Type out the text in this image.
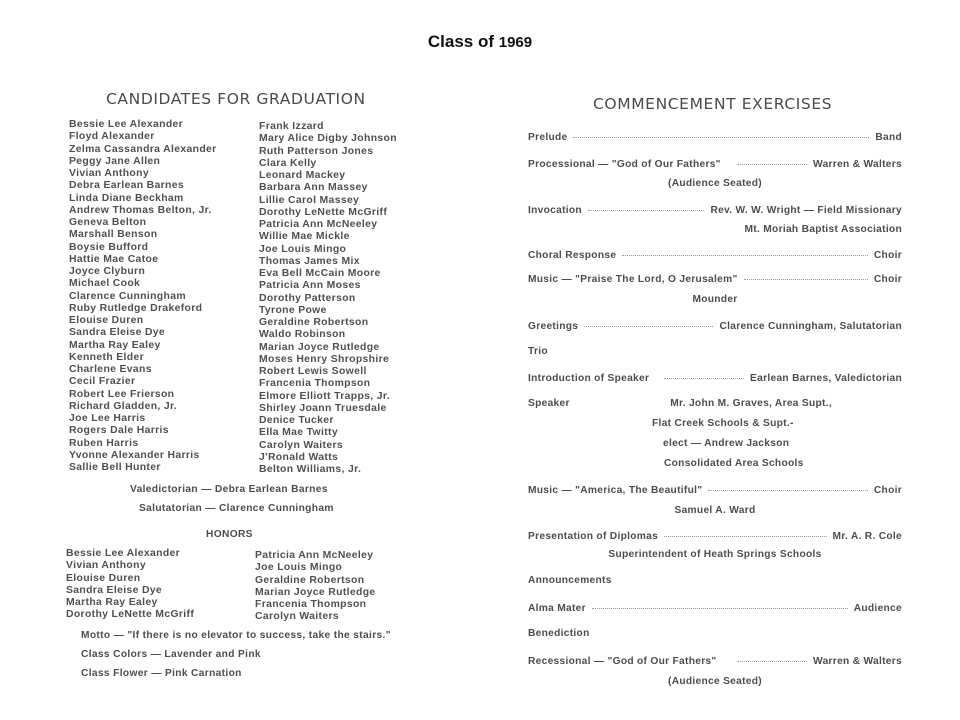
Class of 1969
CANDIDATES FOR GRADUATION
Bessie Lee Alexander
Floyd Alexander
Zelma Cassandra Alexander
Peggy Jane Allen
Vivian Anthony
Debra Earlean Barnes
Linda Diane Beckham
Andrew Thomas Belton, Jr.
Geneva Belton
Marshall Benson
Boysie Bufford
Hattie Mae Catoe
Joyce Clyburn
Michael Cook
Clarence Cunningham
Ruby Rutledge Drakeford
Elouise Duren
Sandra Eleise Dye
Martha Ray Ealey
Kenneth Elder
Charlene Evans
Cecil Frazier
Robert Lee Frierson
Richard Gladden, Jr.
Joe Lee Harris
Rogers Dale Harris
Ruben Harris
Yvonne Alexander Harris
Sallie Bell Hunter
Frank Izzard
Mary Alice Digby Johnson
Ruth Patterson Jones
Clara Kelly
Leonard Mackey
Barbara Ann Massey
Lillie Carol Massey
Dorothy LeNette McGriff
Patricia Ann McNeeley
Willie Mae Mickle
Joe Louis Mingo
Thomas James Mix
Eva Bell McCain Moore
Patricia Ann Moses
Dorothy Patterson
Tyrone Powe
Geraldine Robertson
Waldo Robinson
Marian Joyce Rutledge
Moses Henry Shropshire
Robert Lewis Sowell
Francenia Thompson
Elmore Elliott Trapps, Jr.
Shirley Joann Truesdale
Denice Tucker
Ella Mae Twitty
Carolyn Waiters
J'Ronald Watts
Belton Williams, Jr.
Valedictorian — Debra Earlean Barnes
Salutatorian — Clarence Cunningham
HONORS
Bessie Lee Alexander
Vivian Anthony
Elouise Duren
Sandra Eleise Dye
Martha Ray Ealey
Dorothy LeNette McGriff
Patricia Ann McNeeley
Joe Louis Mingo
Geraldine Robertson
Marian Joyce Rutledge
Francenia Thompson
Carolyn Waiters
Motto — "If there is no elevator to success, take the stairs."
Class Colors — Lavender and Pink
Class Flower — Pink Carnation
COMMENCEMENT EXERCISES
Prelude	Band
Processional — "God of Our Fathers"	Warren & Walters
(Audience Seated)
Invocation	Rev. W. W. Wright — Field Missionary
Mt. Moriah Baptist Association
Choral Response	Choir
Music — "Praise The Lord, O Jerusalem"	Choir
Mounder
Greetings	Clarence Cunningham, Salutatorian
Trio
Introduction of Speaker	Earlean Barnes, Valedictorian
Speaker	Mr. John M. Graves, Area Supt.,
Flat Creek Schools & Supt.-
elect — Andrew Jackson
Consolidated Area Schools
Music — "America, The Beautiful"	Choir
Samuel A. Ward
Presentation of Diplomas	Mr. A. R. Cole
Superintendent of Heath Springs Schools
Announcements
Alma Mater	Audience
Benediction
Recessional — "God of Our Fathers"	Warren & Walters
(Audience Seated)
